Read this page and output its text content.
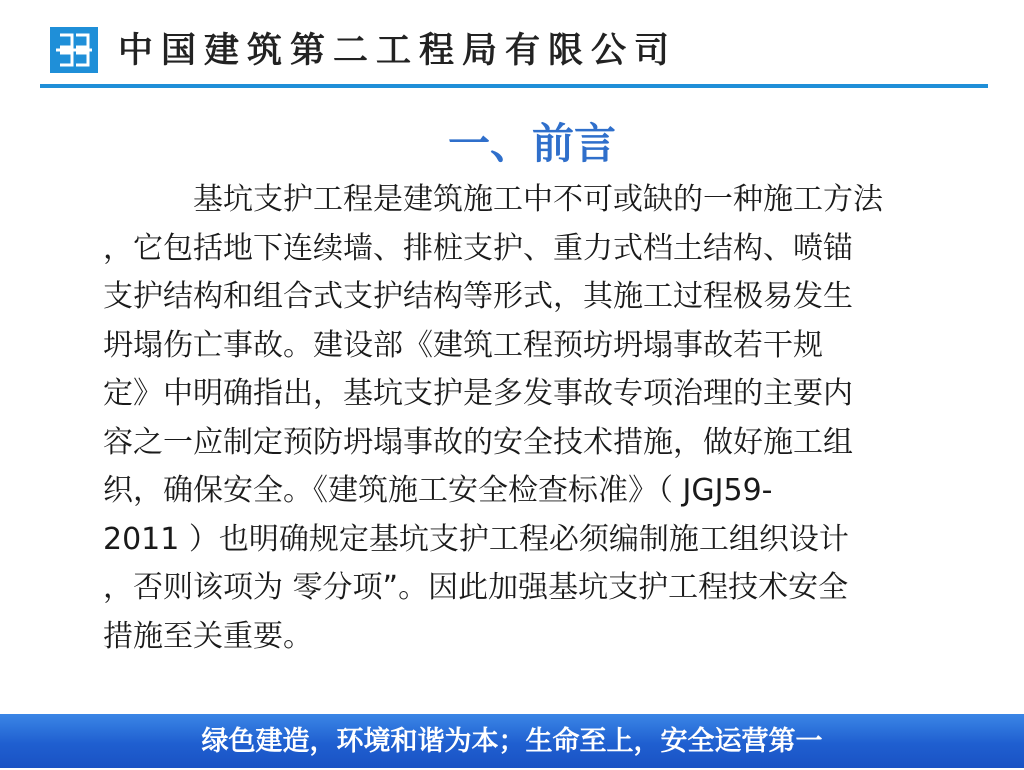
中国建筑第二工程局有限公司
一、前言
　　　基坑支护工程是建筑施工中不可或缺的一种施工方法
，它包括地下连续墙、排桩支护、重力式档土结构、喷锚
支护结构和组合式支护结构等形式，其施工过程极易发生
坍塌伤亡事故。建设部《建筑工程预坊坍塌事故若干规
定》中明确指出，基坑支护是多发事故专项治理的主要内
容之一应制定预防坍塌事故的安全技术措施，做好施工组
织，确保安全。《建筑施工安全检查标准》（ JGJ59-
2011 ）也明确规定基坑支护工程必须编制施工组织设计
，否则该项为 零分项”。因此加强基坑支护工程技术安全
措施至关重要。
绿色建造，环境和谐为本；生命至上，安全运营第一
